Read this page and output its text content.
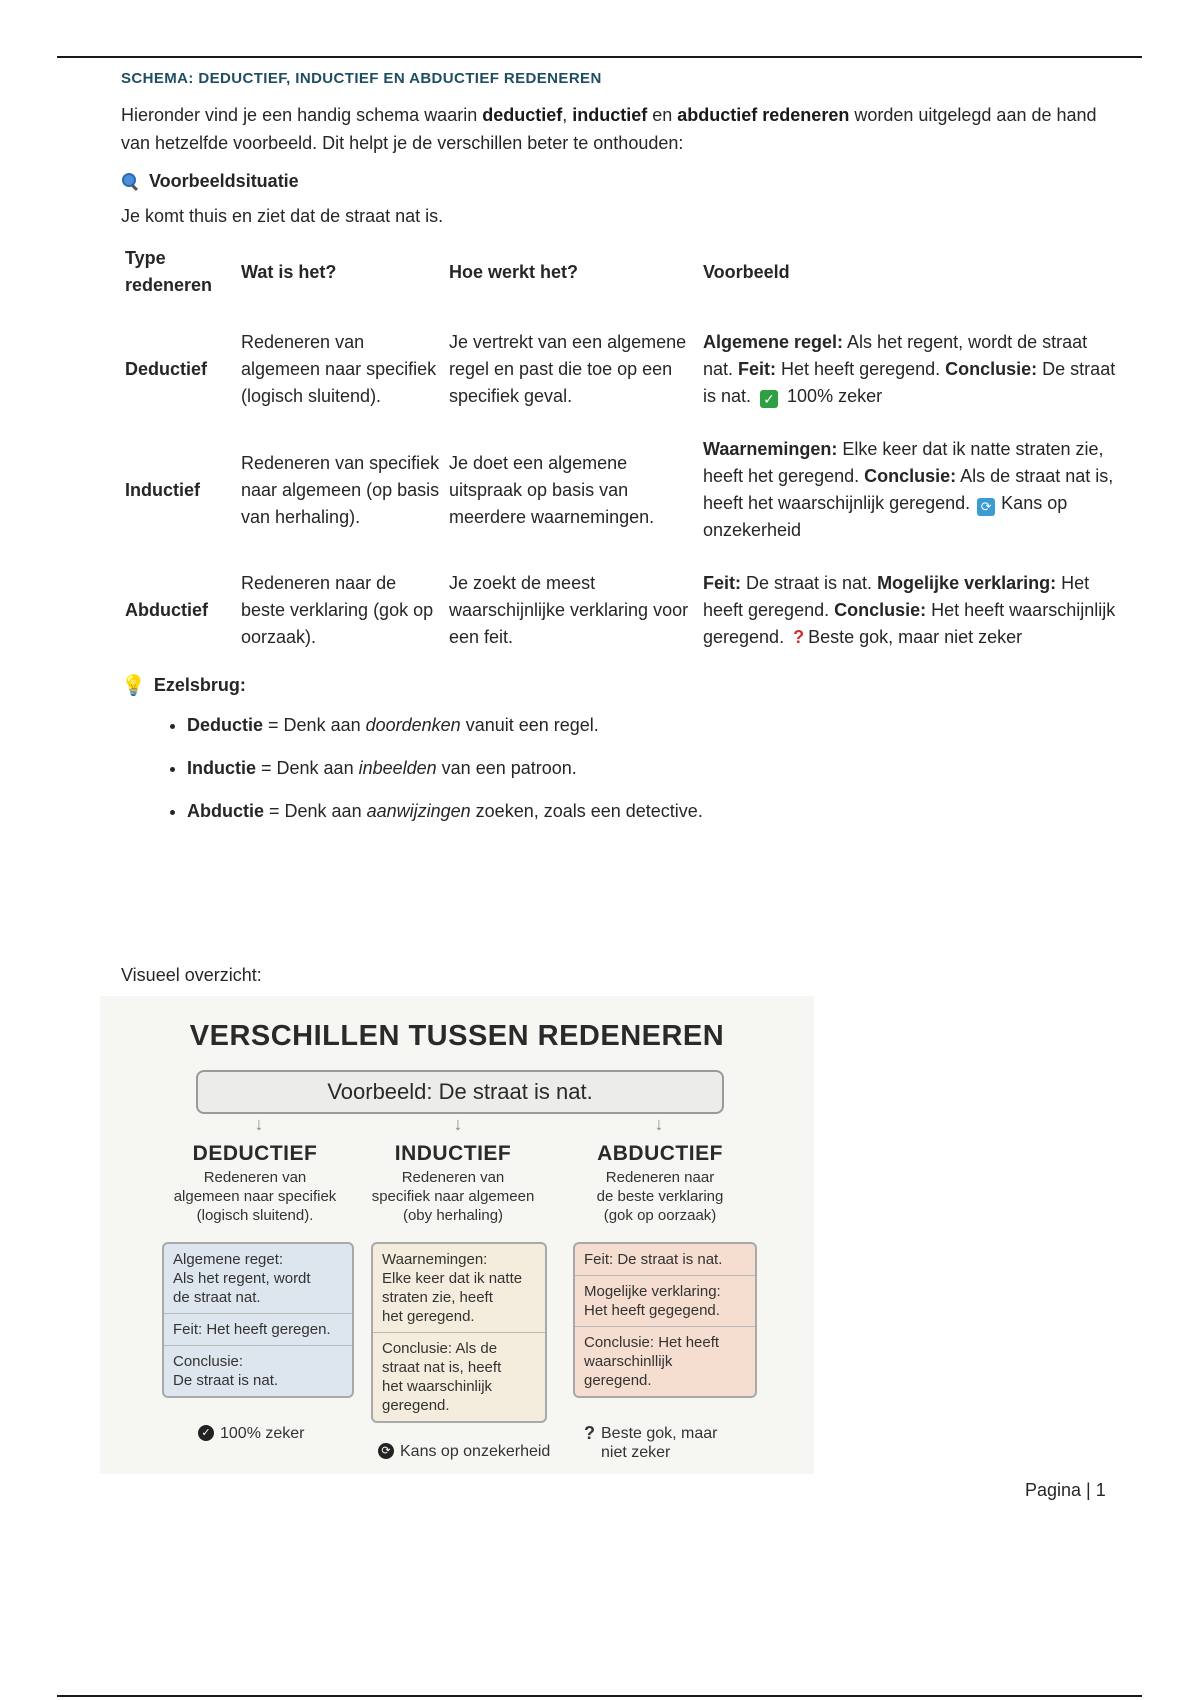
SCHEMA: DEDUCTIEF, INDUCTIEF EN ABDUCTIEF REDENEREN

Hieronder vind je een handig schema waarin deductief, inductief en abductief redeneren worden uitgelegd aan de hand van hetzelfde voorbeeld. Dit helpt je de verschillen beter te onthouden:

Voorbeeldsituatie

Je komt thuis en ziet dat de straat nat is.

Type redeneren	Wat is het?	Hoe werkt het?	Voorbeeld
Deductief	Redeneren van algemeen naar specifiek (logisch sluitend).	Je vertrekt van een algemene regel en past die toe op een specifiek geval.	Algemene regel: Als het regent, wordt de straat nat. Feit: Het heeft geregend. Conclusie: De straat is nat. ✓ 100% zeker
Inductief	Redeneren van specifiek naar algemeen (op basis van herhaling).	Je doet een algemene uitspraak op basis van meerdere waarnemingen.	Waarnemingen: Elke keer dat ik natte straten zie, heeft het geregend. Conclusie: Als de straat nat is, heeft het waarschijnlijk geregend. ⟳ Kans op onzekerheid
Abductief	Redeneren naar de beste verklaring (gok op oorzaak).	Je zoekt de meest waarschijnlijke verklaring voor een feit.	Feit: De straat is nat. Mogelijke verklaring: Het heeft geregend. Conclusie: Het heeft waarschijnlijk geregend. ? Beste gok, maar niet zeker
💡 Ezelsbrug:
• Deductie = Denk aan doordenken vanuit een regel.
• Inductie = Denk aan inbeelden van een patroon.
• Abductie = Denk aan aanwijzingen zoeken, zoals een detective.
Visueel overzicht:
VERSCHILLEN TUSSEN REDENEREN
Voorbeeld: De straat is nat.
↓	↓	↓
DEDUCTIEF
Redeneren van
algemeen naar specifiek
(logisch sluitend).
Algemene reget:
Als het regent, wordt
de straat nat.
Feit: Het heeft geregen.
Conclusie:
De straat is nat.
✓ 100% zeker
INDUCTIEF
Redeneren van
specifiek naar algemeen
(oby herhaling)
Waarnemingen:
Elke keer dat ik natte
straten zie, heeft
het geregend.
Conclusie: Als de
straat nat is, heeft
het waarschinlijk
geregend.
⟳ Kans op onzekerheid
ABDUCTIEF
Redeneren naar
de beste verklaring
(gok op oorzaak)
Feit: De straat is nat.
Mogelijke verklaring:
Het heeft gegegend.
Conclusie: Het heeft
waarschinllijk
geregend.
? Beste gok, maar
niet zeker
Pagina | 1
